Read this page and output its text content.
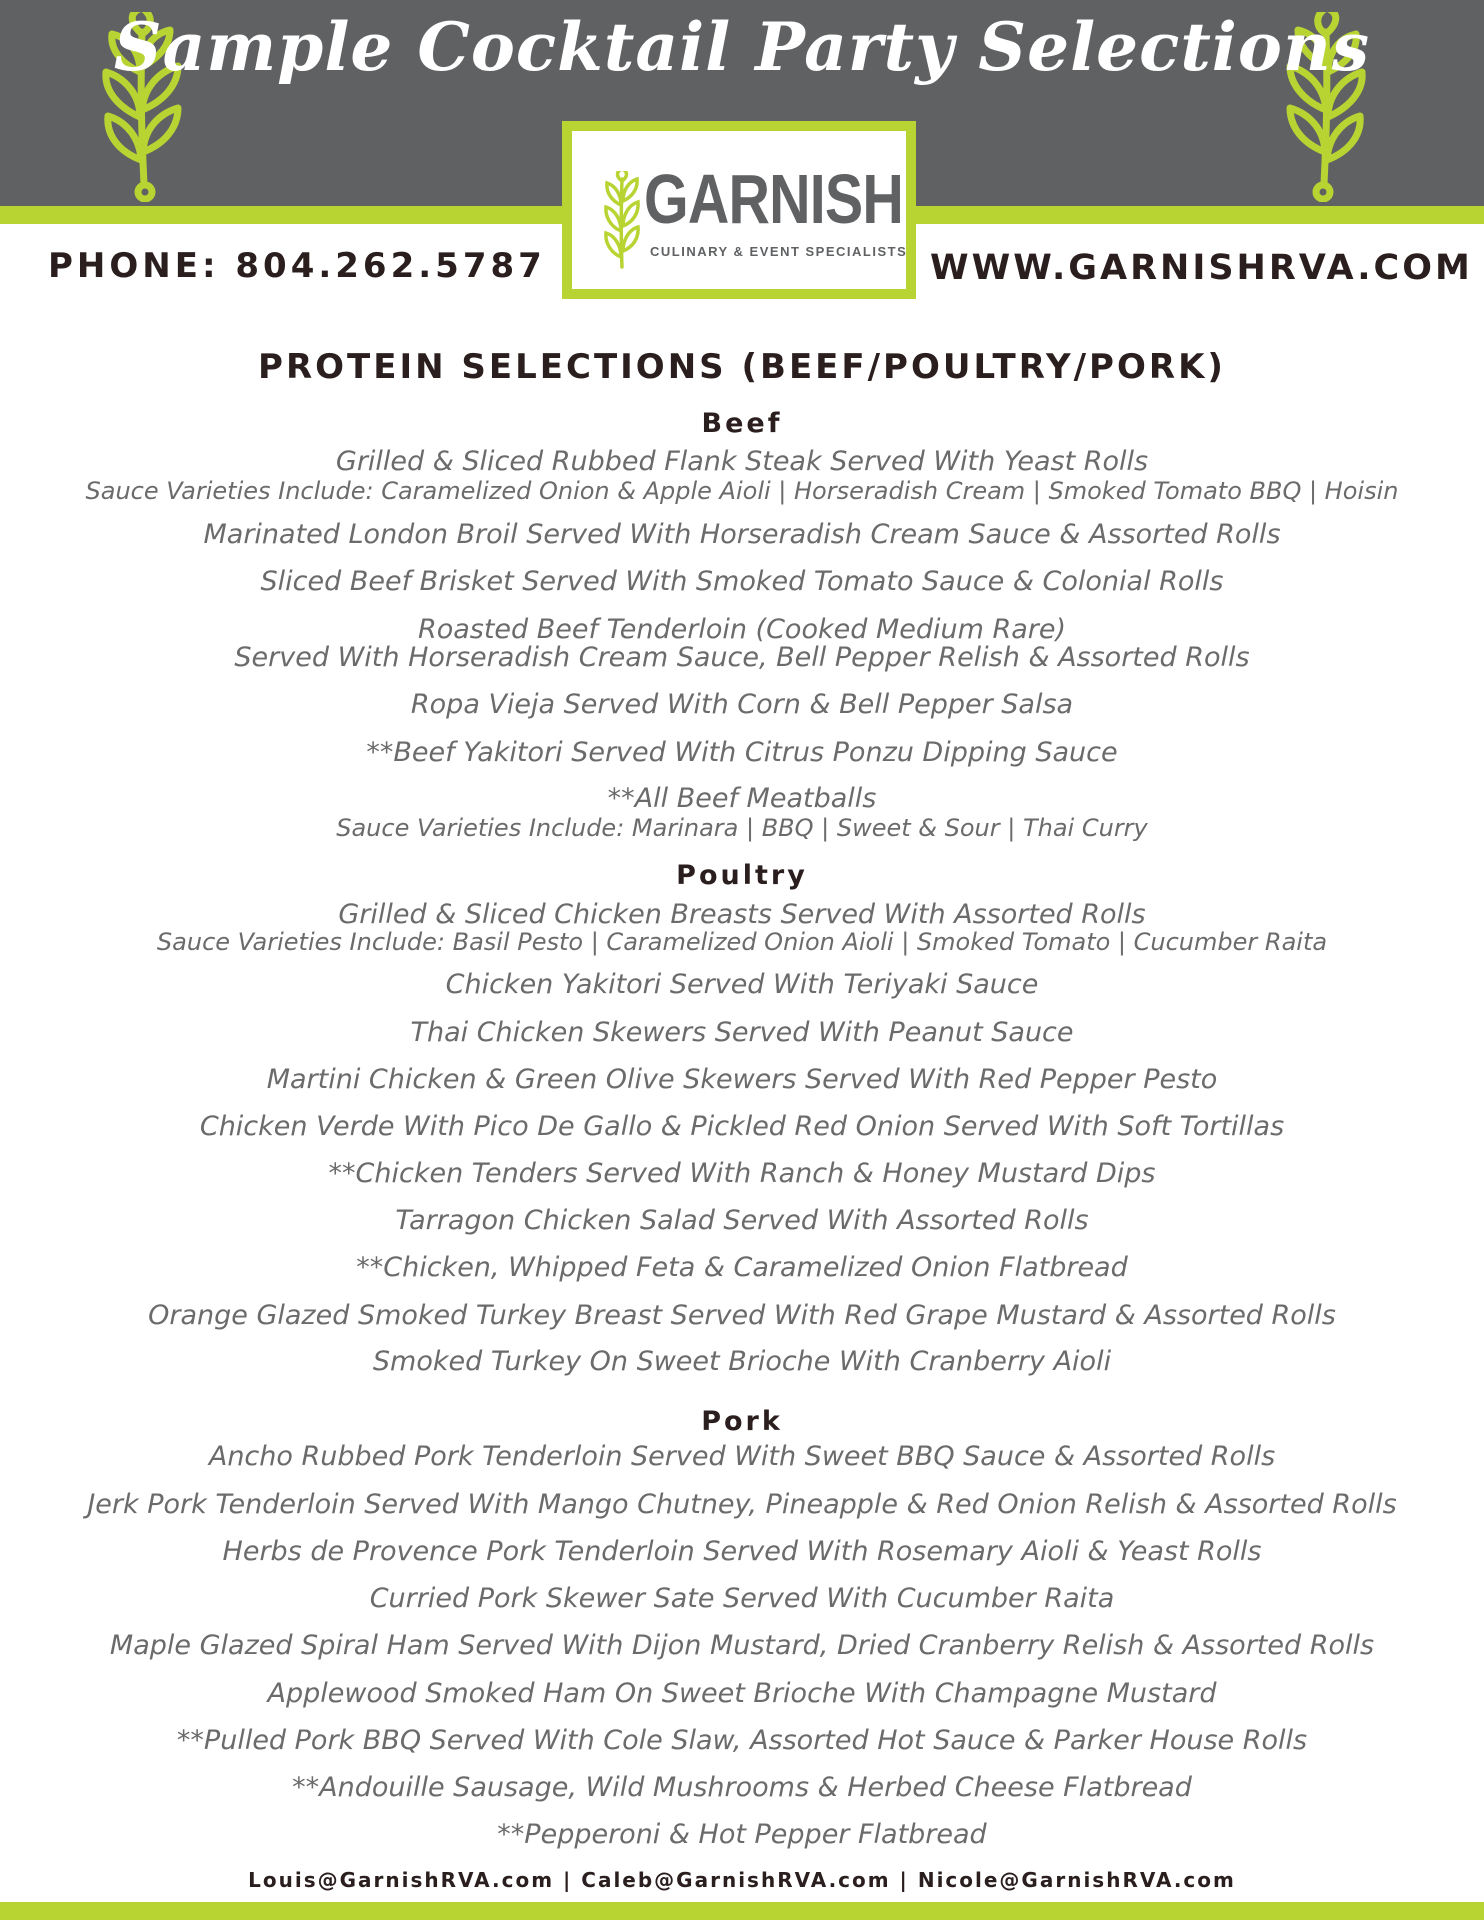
Sample Cocktail Party Selections
GARNISH
CULINARY & EVENT SPECIALISTS
PHONE: 804.262.5787	WWW.GARNISHRVA.COM
PROTEIN SELECTIONS (BEEF/POULTRY/PORK)
Beef
Grilled & Sliced Rubbed Flank Steak Served With Yeast Rolls
Sauce Varieties Include: Caramelized Onion & Apple Aioli | Horseradish Cream | Smoked Tomato BBQ | Hoisin
Marinated London Broil Served With Horseradish Cream Sauce & Assorted Rolls
Sliced Beef Brisket Served With Smoked Tomato Sauce & Colonial Rolls
Roasted Beef Tenderloin (Cooked Medium Rare)
Served With Horseradish Cream Sauce, Bell Pepper Relish & Assorted Rolls
Ropa Vieja Served With Corn & Bell Pepper Salsa
**Beef Yakitori Served With Citrus Ponzu Dipping Sauce
**All Beef Meatballs
Sauce Varieties Include: Marinara | BBQ | Sweet & Sour | Thai Curry
Poultry
Grilled & Sliced Chicken Breasts Served With Assorted Rolls
Sauce Varieties Include: Basil Pesto | Caramelized Onion Aioli | Smoked Tomato | Cucumber Raita
Chicken Yakitori Served With Teriyaki Sauce
Thai Chicken Skewers Served With Peanut Sauce
Martini Chicken & Green Olive Skewers Served With Red Pepper Pesto
Chicken Verde With Pico De Gallo & Pickled Red Onion Served With Soft Tortillas
**Chicken Tenders Served With Ranch & Honey Mustard Dips
Tarragon Chicken Salad Served With Assorted Rolls
**Chicken, Whipped Feta & Caramelized Onion Flatbread
Orange Glazed Smoked Turkey Breast Served With Red Grape Mustard & Assorted Rolls
Smoked Turkey On Sweet Brioche With Cranberry Aioli
Pork
Ancho Rubbed Pork Tenderloin Served With Sweet BBQ Sauce & Assorted Rolls
Jerk Pork Tenderloin Served With Mango Chutney, Pineapple & Red Onion Relish & Assorted Rolls
Herbs de Provence Pork Tenderloin Served With Rosemary Aioli & Yeast Rolls
Curried Pork Skewer Sate Served With Cucumber Raita
Maple Glazed Spiral Ham Served With Dijon Mustard, Dried Cranberry Relish & Assorted Rolls
Applewood Smoked Ham On Sweet Brioche With Champagne Mustard
**Pulled Pork BBQ Served With Cole Slaw, Assorted Hot Sauce & Parker House Rolls
**Andouille Sausage, Wild Mushrooms & Herbed Cheese Flatbread
**Pepperoni & Hot Pepper Flatbread
Louis@GarnishRVA.com | Caleb@GarnishRVA.com | Nicole@GarnishRVA.com
